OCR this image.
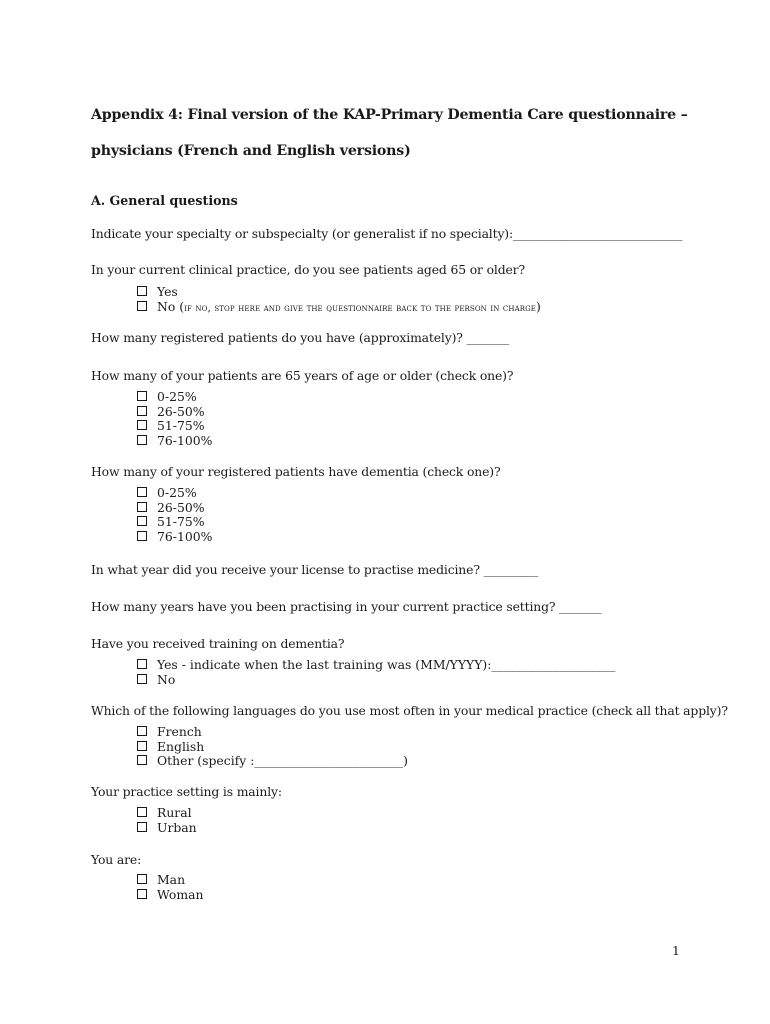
Appendix 4: Final version of the KAP-Primary Dementia Care questionnaire –
physicians (French and English versions)
A. General questions
Indicate your specialty or subspecialty (or generalist if no specialty):____________________________
In your current clinical practice, do you see patients aged 65 or older?
Yes
No (if no, stop here and give the questionnaire back to the person in charge)
How many registered patients do you have (approximately)? _______
How many of your patients are 65 years of age or older (check one)?
0-25%
26-50%
51-75%
76-100%
How many of your registered patients have dementia (check one)?
0-25%
26-50%
51-75%
76-100%
In what year did you receive your license to practise medicine? _________
How many years have you been practising in your current practice setting? _______
Have you received training on dementia?
Yes - indicate when the last training was (MM/YYYY):____________________
No
Which of the following languages do you use most often in your medical practice (check all that apply)?
French
English
Other (specify :________________________)
Your practice setting is mainly:
Rural
Urban
You are:
Man
Woman
1
